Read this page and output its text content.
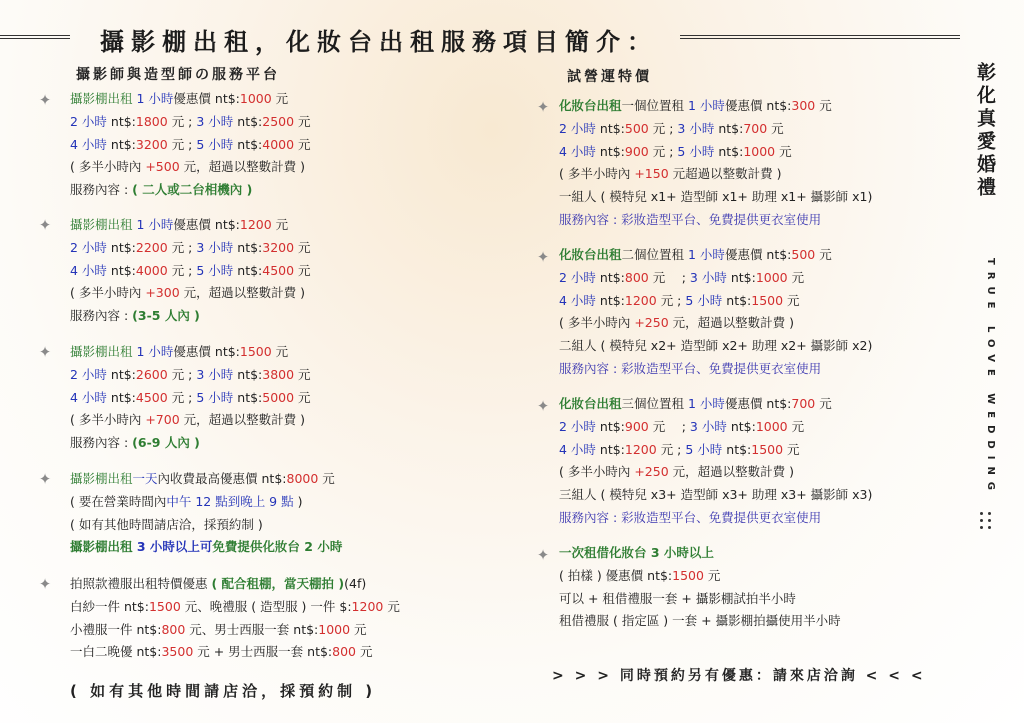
攝影棚出租，化妝台出租服務項目簡介：
攝影師與造型師の服務平台	試營運特價	彰化真愛婚禮
TRUE LOVE WEDDING
✦ 攝影棚出租 1 小時優惠價 nt$:1000 元
2 小時 nt$:1800 元 ; 3 小時 nt$:2500 元
4 小時 nt$:3200 元 ; 5 小時 nt$:4000 元
( 多半小時內 +500 元，超過以整數計費 )
服務內容 : ( 二人或二台相機內 )
✦ 攝影棚出租 1 小時優惠價 nt$:1200 元
2 小時 nt$:2200 元 ; 3 小時 nt$:3200 元
4 小時 nt$:4000 元 ; 5 小時 nt$:4500 元
( 多半小時內 +300 元，超過以整數計費 )
服務內容 : (3-5 人內 )
✦ 攝影棚出租 1 小時優惠價 nt$:1500 元
2 小時 nt$:2600 元 ; 3 小時 nt$:3800 元
4 小時 nt$:4500 元 ; 5 小時 nt$:5000 元
( 多半小時內 +700 元，超過以整數計費 )
服務內容 : (6-9 人內 )
✦ 攝影棚出租一天內收費最高優惠價 nt$:8000 元
( 要在營業時間內中午 12 點到晚上 9 點 )
( 如有其他時間請店洽，採預約制 )
攝影棚出租 3 小時以上可免費提供化妝台 2 小時
✦ 拍照款禮服出租特價優惠 ( 配合租棚，當天棚拍 )(4f)
白紗一件 nt$:1500 元、晚禮服 ( 造型服 ) 一件 $:1200 元
小禮服一件 nt$:800 元、男士西服一套 nt$:1000 元
一白二晚優 nt$:3500 元 + 男士西服一套 nt$:800 元
( 如有其他時間請店洽，採預約制 )
✦ 化妝台出租一個位置租 1 小時優惠價 nt$:300 元
2 小時 nt$:500 元 ; 3 小時 nt$:700 元
4 小時 nt$:900 元 ; 5 小時 nt$:1000 元
( 多半小時內 +150 元超過以整數計費 )
一組人 ( 模特兒 x1+ 造型師 x1+ 助理 x1+ 攝影師 x1)
服務內容 : 彩妝造型平台、免費提供更衣室使用
✦ 化妝台出租二個位置租 1 小時優惠價 nt$:500 元
2 小時 nt$:800 元　 ; 3 小時 nt$:1000 元
4 小時 nt$:1200 元 ; 5 小時 nt$:1500 元
( 多半小時內 +250 元，超過以整數計費 )
二組人 ( 模特兒 x2+ 造型師 x2+ 助理 x2+ 攝影師 x2)
服務內容 : 彩妝造型平台、免費提供更衣室使用
✦ 化妝台出租三個位置租 1 小時優惠價 nt$:700 元
2 小時 nt$:900 元　 ; 3 小時 nt$:1000 元
4 小時 nt$:1200 元 ; 5 小時 nt$:1500 元
( 多半小時內 +250 元，超過以整數計費 )
三組人 ( 模特兒 x3+ 造型師 x3+ 助理 x3+ 攝影師 x3)
服務內容 : 彩妝造型平台、免費提供更衣室使用
✦ 一次租借化妝台 3 小時以上
( 拍樣 ) 優惠價 nt$:1500 元
可以 + 租借禮服一套 + 攝影棚試拍半小時
租借禮服 ( 指定區 ) 一套 + 攝影棚拍攝使用半小時
> > > 同時預約另有優惠：請來店洽詢 < < <
